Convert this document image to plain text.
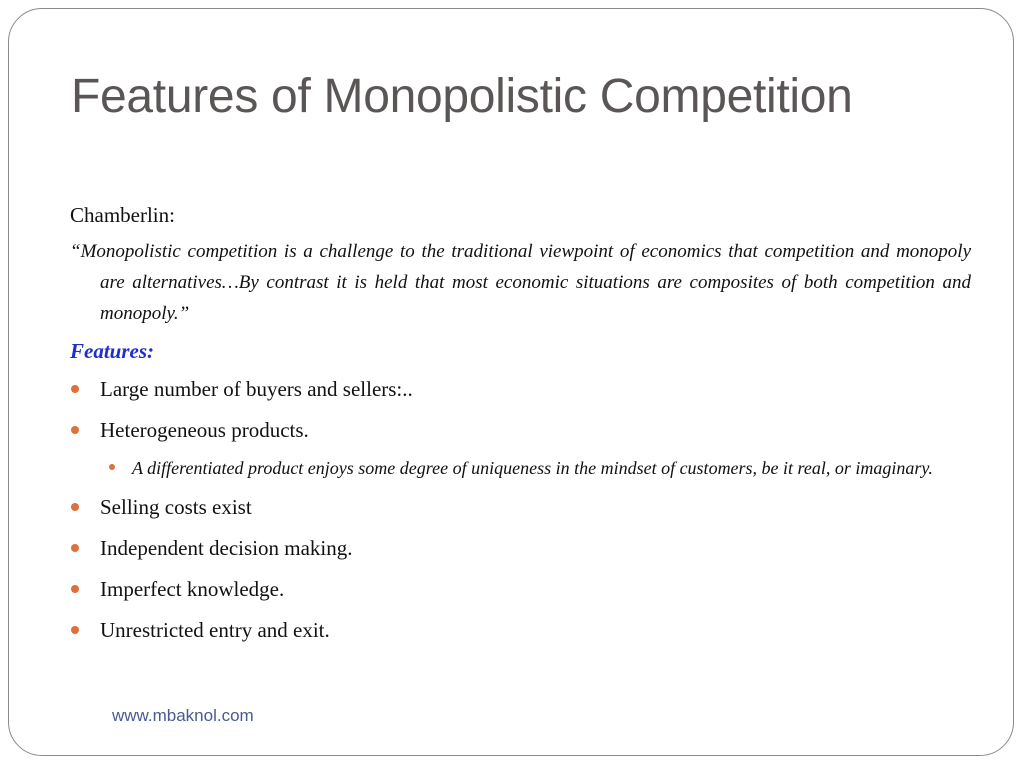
Features of Monopolistic Competition

Chamberlin:

“Monopolistic competition is a challenge to the traditional viewpoint of economics that competition and monopoly are alternatives…By contrast it is held that most economic situations are composites of both competition and monopoly.”

Features:

Large number of buyers and sellers:..
Heterogeneous products.
A differentiated product enjoys some degree of uniqueness in the mindset of customers, be it real, or imaginary.
Selling costs exist
Independent decision making.
Imperfect knowledge.
Unrestricted entry and exit.
www.mbaknol.com
